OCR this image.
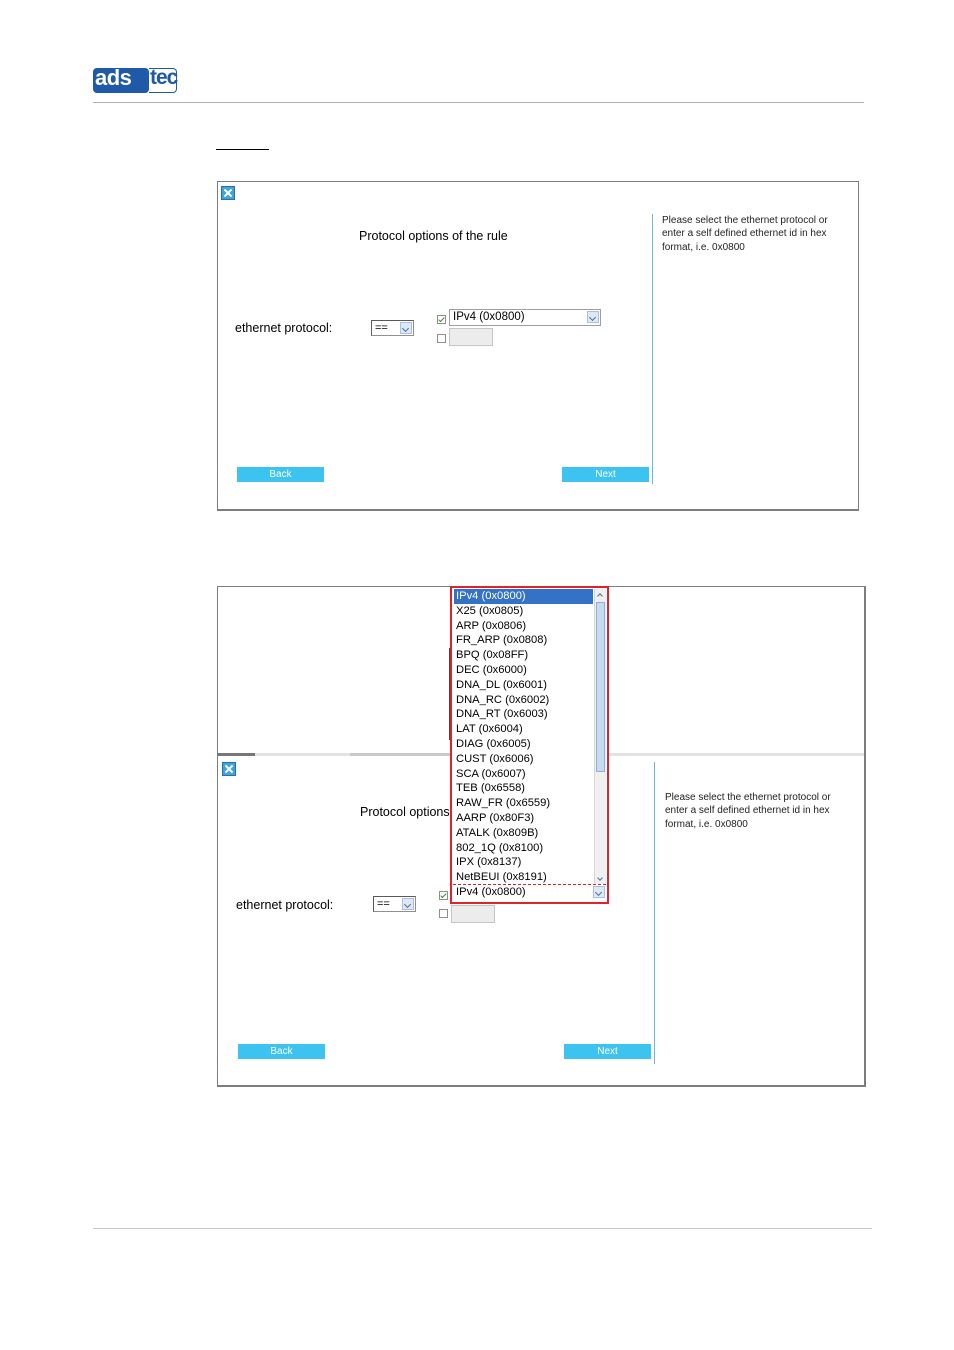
ads tec
Protocol options of the rule
ethernet protocol:	==
IPv4 (0x0800)
Back	Next
Please select the ethernet protocol or enter a self defined ethernet id in hex format, i.e. 0x0800
Protocol options
ethernet protocol:	==
Back	Next
Please select the ethernet protocol or enter a self defined ethernet id in hex format, i.e. 0x0800
IPv4 (0x0800)
X25 (0x0805)
ARP (0x0806)
FR_ARP (0x0808)
BPQ (0x08FF)
DEC (0x6000)
DNA_DL (0x6001)
DNA_RC (0x6002)
DNA_RT (0x6003)
LAT (0x6004)
DIAG (0x6005)
CUST (0x6006)
SCA (0x6007)
TEB (0x6558)
RAW_FR (0x6559)
AARP (0x80F3)
ATALK (0x809B)
802_1Q (0x8100)
IPX (0x8137)
NetBEUI (0x8191)
IPv4 (0x0800)
